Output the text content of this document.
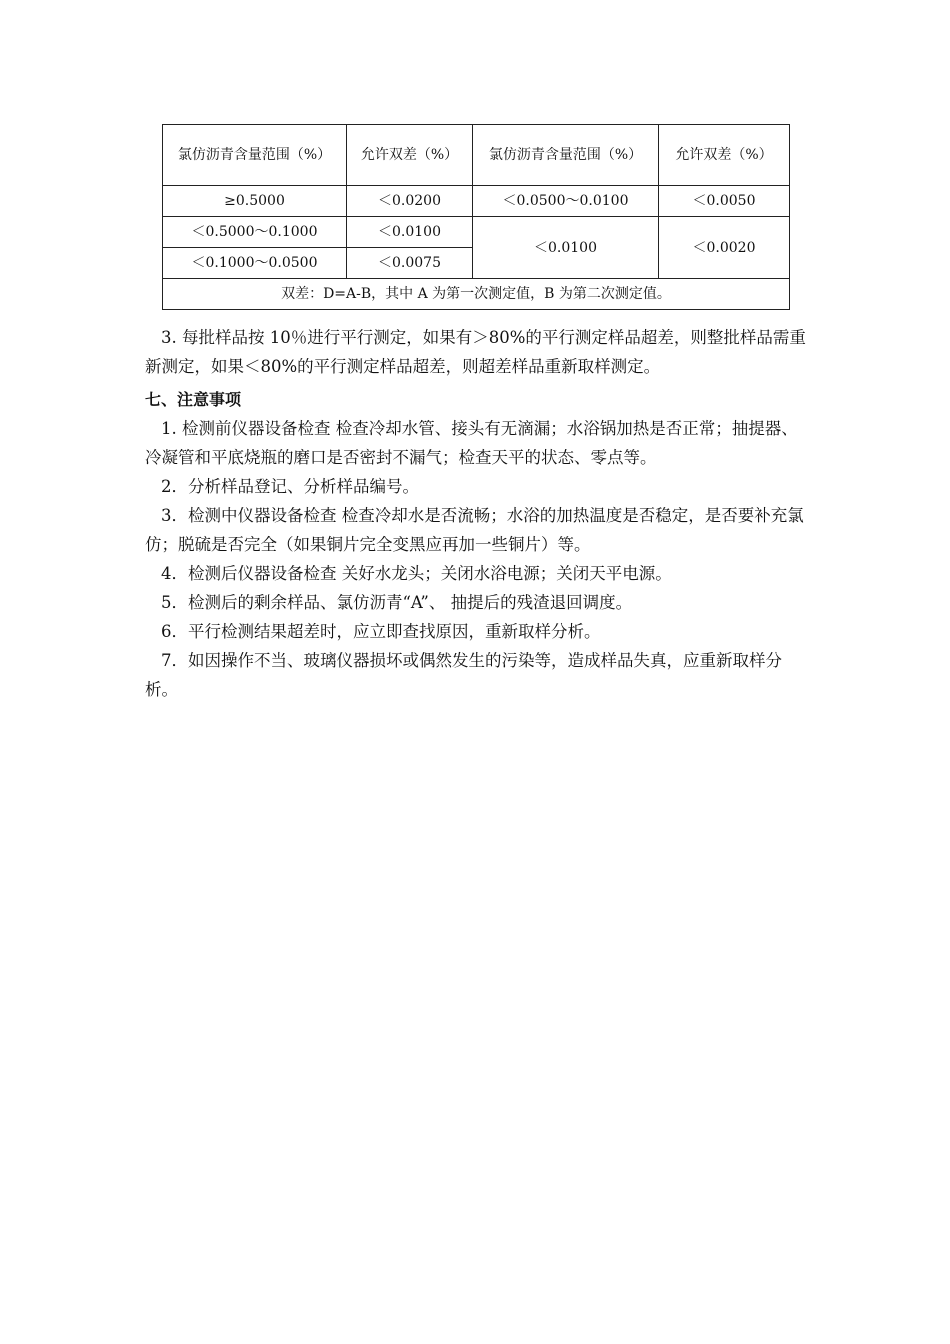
氯仿沥青含量范围（%）	允许双差（%）	氯仿沥青含量范围（%）	允许双差（%）
≥0.5000	＜0.0200	＜0.0500～0.0100	＜0.0050
＜0.5000～0.1000	＜0.0100	＜0.0100	＜0.0020
＜0.1000～0.0500	＜0.0075		
双差：D=A-B，其中 A 为第一次测定值，B 为第二次测定值。			

3. 每批样品按 10％进行平行测定，如果有＞80%的平行测定样品超差，则整批样品需重新测定，如果＜80%的平行测定样品超差，则超差样品重新取样测定。

七、注意事项

1. 检测前仪器设备检查 检查冷却水管、接头有无滴漏；水浴锅加热是否正常；抽提器、冷凝管和平底烧瓶的磨口是否密封不漏气；检查天平的状态、零点等。

2．分析样品登记、分析样品编号。

3．检测中仪器设备检查 检查冷却水是否流畅；水浴的加热温度是否稳定，是否要补充氯仿；脱硫是否完全（如果铜片完全变黑应再加一些铜片）等。

4．检测后仪器设备检查 关好水龙头；关闭水浴电源；关闭天平电源。

5．检测后的剩余样品、氯仿沥青“A”、 抽提后的残渣退回调度。

6．平行检测结果超差时，应立即查找原因，重新取样分析。

7．如因操作不当、玻璃仪器损坏或偶然发生的污染等，造成样品失真，应重新取样分析。
